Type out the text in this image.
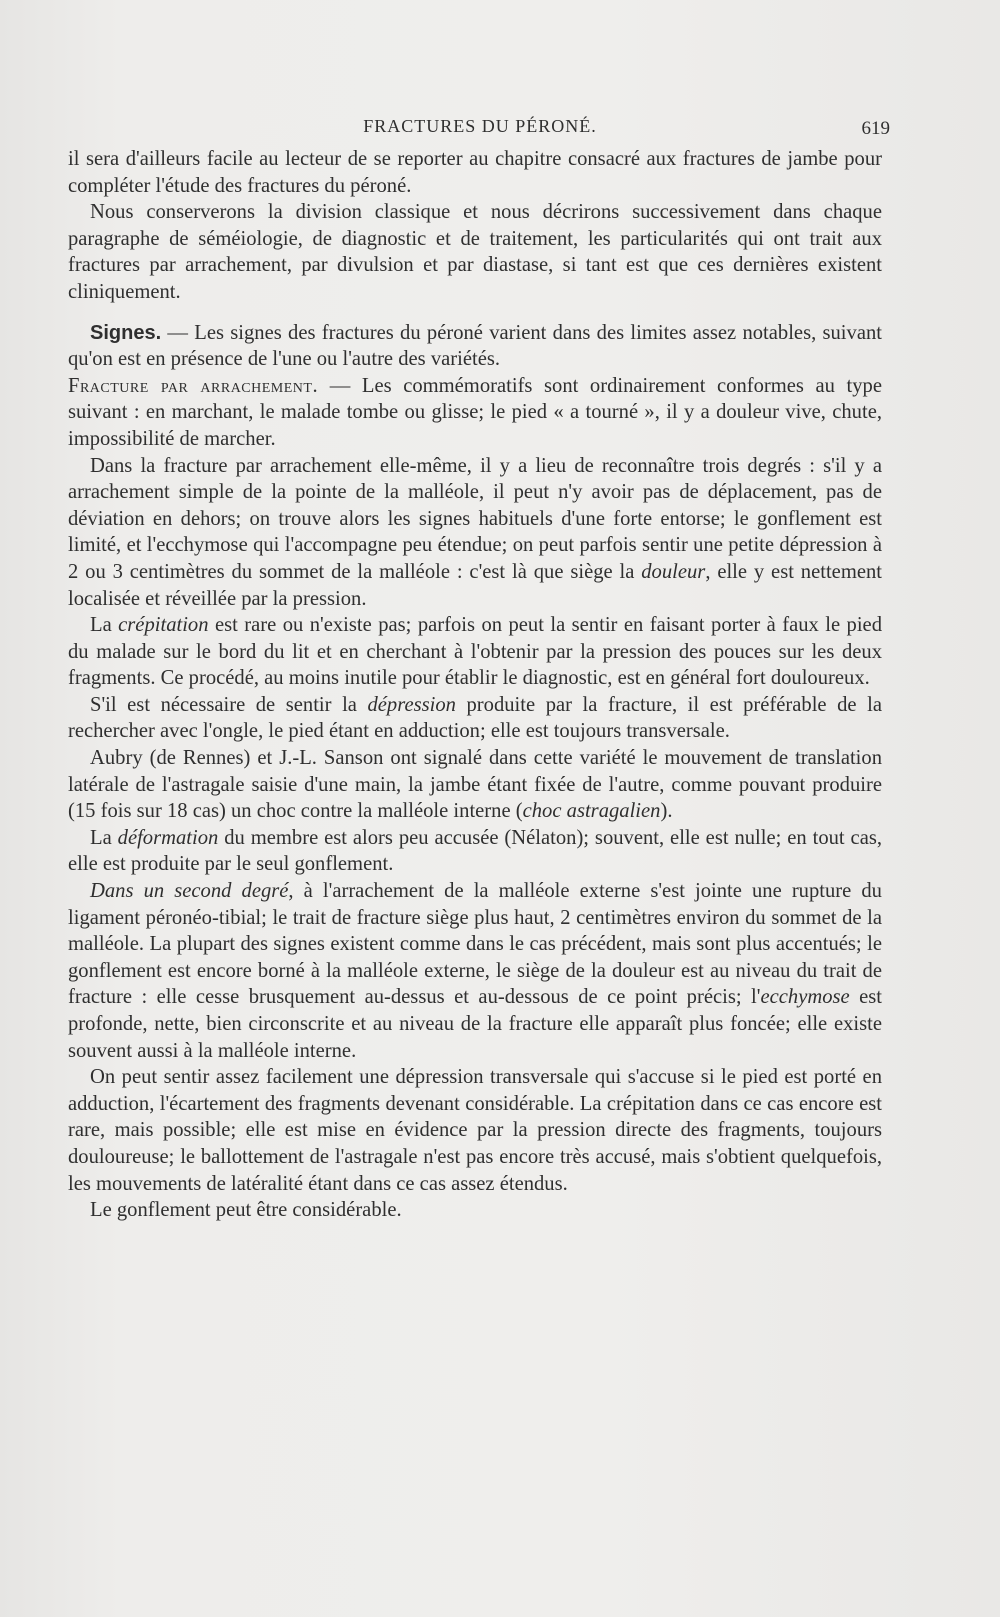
FRACTURES DU PÉRONÉ.	619

il sera d'ailleurs facile au lecteur de se reporter au chapitre consacré aux fractures de jambe pour compléter l'étude des fractures du péroné.

Nous conserverons la division classique et nous décrirons successivement dans chaque paragraphe de séméiologie, de diagnostic et de traitement, les particularités qui ont trait aux fractures par arrachement, par divulsion et par diastase, si tant est que ces dernières existent cliniquement.

Signes. — Les signes des fractures du péroné varient dans des limites assez notables, suivant qu'on est en présence de l'une ou l'autre des variétés.

Fracture par arrachement. — Les commémoratifs sont ordinairement conformes au type suivant : en marchant, le malade tombe ou glisse; le pied « a tourné », il y a douleur vive, chute, impossibilité de marcher.

Dans la fracture par arrachement elle-même, il y a lieu de reconnaître trois degrés : s'il y a arrachement simple de la pointe de la malléole, il peut n'y avoir pas de déplacement, pas de déviation en dehors; on trouve alors les signes habituels d'une forte entorse; le gonflement est limité, et l'ecchymose qui l'accompagne peu étendue; on peut parfois sentir une petite dépression à 2 ou 3 centimètres du sommet de la malléole : c'est là que siège la douleur, elle y est nettement localisée et réveillée par la pression.

La crépitation est rare ou n'existe pas; parfois on peut la sentir en faisant porter à faux le pied du malade sur le bord du lit et en cherchant à l'obtenir par la pression des pouces sur les deux fragments. Ce procédé, au moins inutile pour établir le diagnostic, est en général fort douloureux.

S'il est nécessaire de sentir la dépression produite par la fracture, il est préférable de la rechercher avec l'ongle, le pied étant en adduction; elle est toujours transversale.

Aubry (de Rennes) et J.-L. Sanson ont signalé dans cette variété le mouvement de translation latérale de l'astragale saisie d'une main, la jambe étant fixée de l'autre, comme pouvant produire (15 fois sur 18 cas) un choc contre la malléole interne (choc astragalien).

La déformation du membre est alors peu accusée (Nélaton); souvent, elle est nulle; en tout cas, elle est produite par le seul gonflement.

Dans un second degré, à l'arrachement de la malléole externe s'est jointe une rupture du ligament péronéo-tibial; le trait de fracture siège plus haut, 2 centimètres environ du sommet de la malléole. La plupart des signes existent comme dans le cas précédent, mais sont plus accentués; le gonflement est encore borné à la malléole externe, le siège de la douleur est au niveau du trait de fracture : elle cesse brusquement au-dessus et au-dessous de ce point précis; l'ecchymose est profonde, nette, bien circonscrite et au niveau de la fracture elle apparaît plus foncée; elle existe souvent aussi à la malléole interne.

On peut sentir assez facilement une dépression transversale qui s'accuse si le pied est porté en adduction, l'écartement des fragments devenant considérable. La crépitation dans ce cas encore est rare, mais possible; elle est mise en évidence par la pression directe des fragments, toujours douloureuse; le ballottement de l'astragale n'est pas encore très accusé, mais s'obtient quelquefois, les mouvements de latéralité étant dans ce cas assez étendus.

Le gonflement peut être considérable.
